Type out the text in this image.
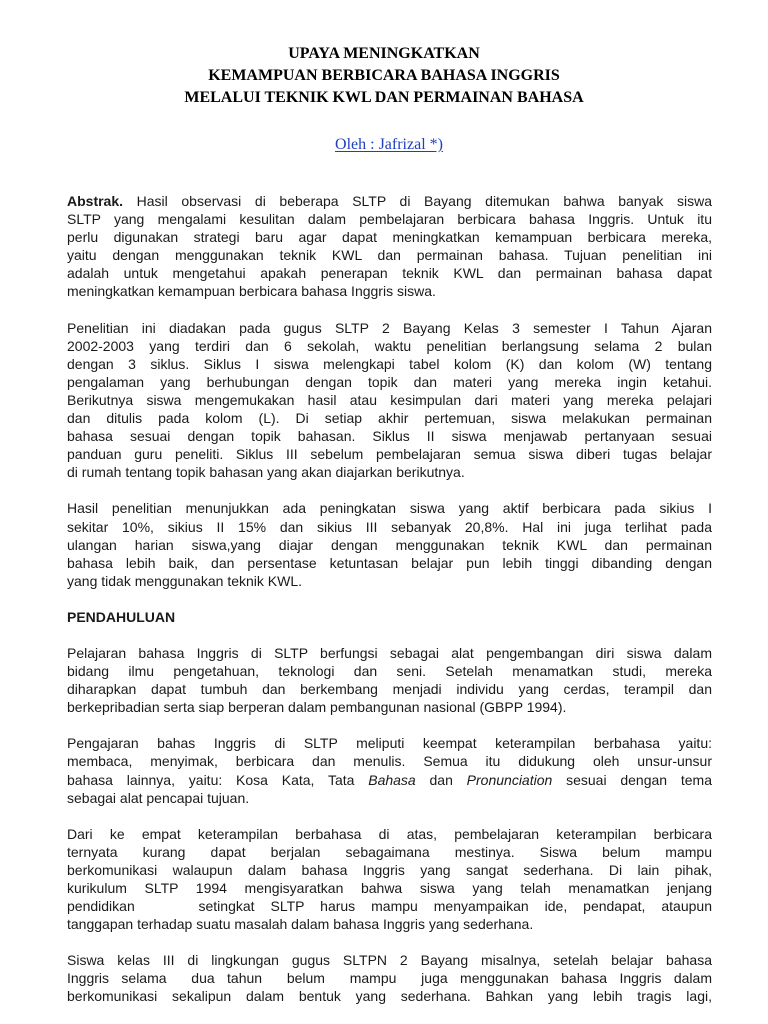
UPAYA MENINGKATKAN
KEMAMPUAN BERBICARA BAHASA INGGRIS
MELALUI TEKNIK KWL DAN PERMAINAN BAHASA
Oleh : Jafrizal *)
Abstrak. Hasil observasi di beberapa SLTP di Bayang ditemukan bahwa banyak siswa
SLTP yang mengalami kesulitan dalam pembelajaran berbicara bahasa Inggris. Untuk itu
perlu digunakan strategi baru agar dapat meningkatkan kemampuan berbicara mereka,
yaitu dengan menggunakan teknik KWL dan permainan bahasa. Tujuan penelitian ini
adalah untuk mengetahui apakah penerapan teknik KWL dan permainan bahasa dapat
meningkatkan kemampuan berbicara bahasa Inggris siswa.
Penelitian ini diadakan pada gugus SLTP 2 Bayang Kelas 3 semester I Tahun Ajaran
2002-2003 yang terdiri dan 6 sekolah, waktu penelitian berlangsung selama 2 bulan
dengan 3 siklus. Siklus I siswa melengkapi tabel kolom (K) dan kolom (W) tentang
pengalaman yang berhubungan dengan topik dan materi yang mereka ingin ketahui.
Berikutnya siswa mengemukakan hasil atau kesimpulan dari materi yang mereka pelajari
dan ditulis pada kolom (L). Di setiap akhir pertemuan, siswa melakukan permainan
bahasa sesuai dengan topik bahasan. Siklus II siswa menjawab pertanyaan sesuai
panduan guru peneliti. Siklus III sebelum pembelajaran semua siswa diberi tugas belajar
di rumah tentang topik bahasan yang akan diajarkan berikutnya.
Hasil penelitian menunjukkan ada peningkatan siswa yang aktif berbicara pada sikius I
sekitar 10%, sikius II 15% dan sikius III sebanyak 20,8%. Hal ini juga terlihat pada
ulangan harian siswa,yang diajar dengan menggunakan teknik KWL dan permainan
bahasa lebih baik, dan persentase ketuntasan belajar pun lebih tinggi dibanding dengan
yang tidak menggunakan teknik KWL.
PENDAHULUAN
Pelajaran bahasa Inggris di SLTP berfungsi sebagai alat pengembangan diri siswa dalam
bidang ilmu pengetahuan, teknologi dan seni. Setelah menamatkan studi, mereka
diharapkan dapat tumbuh dan berkembang menjadi individu yang cerdas, terampil dan
berkepribadian serta siap berperan dalam pembangunan nasional (GBPP 1994).
Pengajaran bahas Inggris di SLTP meliputi keempat keterampilan berbahasa yaitu:
membaca, menyimak, berbicara dan menulis. Semua itu didukung oleh unsur-unsur
bahasa lainnya, yaitu: Kosa Kata, Tata Bahasa dan Pronunciation sesuai dengan tema
sebagai alat pencapai tujuan.
Dari ke empat keterampilan berbahasa di atas, pembelajaran keterampilan berbicara
ternyata kurang dapat berjalan sebagaimana mestinya. Siswa belum mampu
berkomunikasi walaupun dalam bahasa Inggris yang sangat sederhana. Di lain pihak,
kurikulum SLTP 1994 mengisyaratkan bahwa siswa yang telah menamatkan jenjang
pendidikan    setingkat SLTP harus mampu menyampaikan ide, pendapat, ataupun
tanggapan terhadap suatu masalah dalam bahasa Inggris yang sederhana.
Siswa kelas III di lingkungan gugus SLTPN 2 Bayang misalnya, setelah belajar bahasa
Inggris selama  dua tahun  belum  mampu  juga menggunakan bahasa Inggris dalam
berkomunikasi sekalipun dalam bentuk yang sederhana. Bahkan yang lebih tragis lagi,
